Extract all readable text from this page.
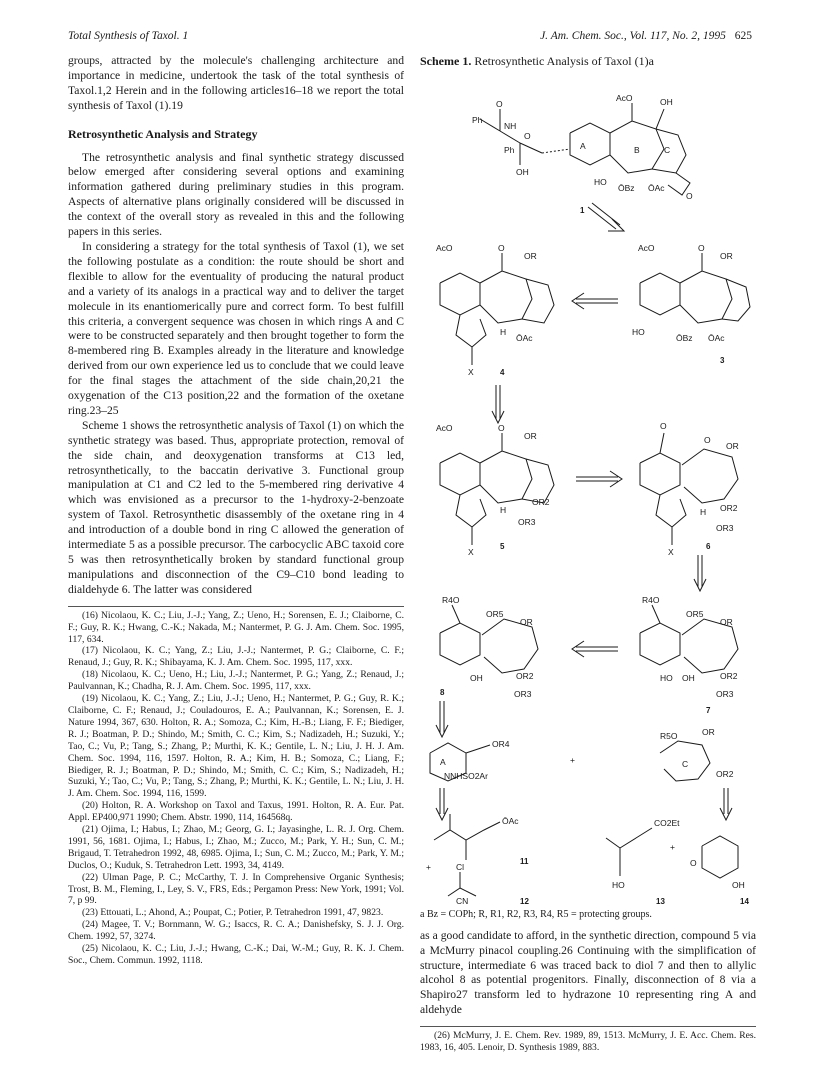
Total Synthesis of Taxol. 1	J. Am. Chem. Soc., Vol. 117, No. 2, 1995 625

groups, attracted by the molecule's challenging architecture and importance in medicine, undertook the task of the total synthesis of Taxol.1,2 Herein and in the following articles16–18 we report the total synthesis of Taxol (1).19

Retrosynthetic Analysis and Strategy

The retrosynthetic analysis and final synthetic strategy discussed below emerged after considering several options and examining information gathered during preliminary studies in this program. Aspects of alternative plans originally considered will be discussed in the context of the overall story as revealed in this and the following papers in this series.

In considering a strategy for the total synthesis of Taxol (1), we set the following postulate as a condition: the route should be short and flexible to allow for the eventuality of producing the natural product and a variety of its analogs in a practical way and to deliver the target molecule in its enantiomerically pure and correct form. To best fulfill this criteria, a convergent sequence was chosen in which rings A and C were to be constructed separately and then brought together to form the 8-membered ring B. Examples already in the literature and knowledge derived from our own experience led us to conclude that we could leave for the final stages the attachment of the side chain,20,21 the oxygenation of the C13 position,22 and the formation of the oxetane ring.23–25

Scheme 1 shows the retrosynthetic analysis of Taxol (1) on which the synthetic strategy was based. Thus, appropriate protection, removal of the side chain, and deoxygenation transforms at C13 led, retrosynthetically, to the baccatin derivative 3. Functional group manipulation at C1 and C2 led to the 5-membered ring derivative 4 which was envisioned as a precursor to the 1-hydroxy-2-benzoate system of Taxol. Retrosynthetic disassembly of the oxetane ring in 4 and introduction of a double bond in ring C allowed the generation of intermediate 5 as a possible precursor. The carbocyclic ABC taxoid core 5 was then retrosynthetically broken by standard functional group manipulations and disconnection of the C9–C10 bond leading to dialdehyde 6. The latter was considered

(16) Nicolaou, K. C.; Liu, J.-J.; Yang, Z.; Ueno, H.; Sorensen, E. J.; Claiborne, C. F.; Guy, R. K.; Hwang, C.-K.; Nakada, M.; Nantermet, P. G. J. Am. Chem. Soc. 1995, 117, 634.

(17) Nicolaou, K. C.; Yang, Z.; Liu, J.-J.; Nantermet, P. G.; Claiborne, C. F.; Renaud, J.; Guy, R. K.; Shibayama, K. J. Am. Chem. Soc. 1995, 117, xxx.

(18) Nicolaou, K. C.; Ueno, H.; Liu, J.-J.; Nantermet, P. G.; Yang, Z.; Renaud, J.; Paulvannan, K.; Chadha, R. J. Am. Chem. Soc. 1995, 117, xxx.

(19) Nicolaou, K. C.; Yang, Z.; Liu, J.-J.; Ueno, H.; Nantermet, P. G.; Guy, R. K.; Claiborne, C. F.; Renaud, J.; Couladouros, E. A.; Paulvannan, K.; Sorensen, E. J. Nature 1994, 367, 630. Holton, R. A.; Somoza, C.; Kim, H.-B.; Liang, F. F.; Biediger, R. J.; Boatman, P. D.; Shindo, M.; Smith, C. C.; Kim, S.; Nadizadeh, H.; Suzuki, Y.; Tao, C.; Vu, P.; Tang, S.; Zhang, P.; Murthi, K. K.; Gentile, L. N.; Liu, J. H. J. Am. Chem. Soc. 1994, 116, 1597. Holton, R. A.; Kim, H. B.; Somoza, C.; Liang, F.; Biediger, R. J.; Boatman, P. D.; Shindo, M.; Smith, C. C.; Kim, S.; Nadizadeh, H.; Suzuki, Y.; Tao, C.; Vu, P.; Tang, S.; Zhang, P.; Murthi, K. K.; Gentile, L. N.; Liu, J. H. J. Am. Chem. Soc. 1994, 116, 1599.

(20) Holton, R. A. Workshop on Taxol and Taxus, 1991. Holton, R. A. Eur. Pat. Appl. EP400,971 1990; Chem. Abstr. 1990, 114, 164568q.

(21) Ojima, I.; Habus, I.; Zhao, M.; Georg, G. I.; Jayasinghe, L. R. J. Org. Chem. 1991, 56, 1681. Ojima, I.; Habus, I.; Zhao, M.; Zucco, M.; Park, Y. H.; Sun, C. M.; Brigaud, T. Tetrahedron 1992, 48, 6985. Ojima, I.; Sun, C. M.; Zucco, M.; Park, Y. M.; Duclos, O.; Kuduk, S. Tetrahedron Lett. 1993, 34, 4149.

(22) Ulman Page, P. C.; McCarthy, T. J. In Comprehensive Organic Synthesis; Trost, B. M., Fleming, I., Ley, S. V., FRS, Eds.; Pergamon Press: New York, 1991; Vol. 7, p 99.

(23) Ettouati, L.; Ahond, A.; Poupat, C.; Potier, P. Tetrahedron 1991, 47, 9823.

(24) Magee, T. V.; Bornmann, W. G.; Isaccs, R. C. A.; Danishefsky, S. J. J. Org. Chem. 1992, 57, 3274.

(25) Nicolaou, K. C.; Liu, J.-J.; Hwang, C.-K.; Dai, W.-M.; Guy, R. K. J. Chem. Soc., Chem. Commun. 1992, 1118.

Scheme 1. Retrosynthetic Analysis of Taxol (1)a

Ph
NH
O
O
Ph
OH
A	B	C
AcO	OH
HO
ŌBz ŌAc
O
1
AcO	O
OR
H
ŌAc
X	4
AcO	O
OR
HO
ŌBz ŌAc
3
AcO	O
OR
H
OR2
OR3
X
5
O
O
OR
H OR2
OR3
X
6
R4O
OR5
OR
HO OH	OR2
OR3
7
R4O
OR5
OR
OH	OR2
OR3
8
OR4
A
NNHSO2Ar
+
R5O	OR
C
OR2
ŌAc
11
+	Cl
CN	12
CO2Et
+
HO
O
OH
13	14

a Bz = COPh; R, R1, R2, R3, R4, R5 = protecting groups.

as a good candidate to afford, in the synthetic direction, compound 5 via a McMurry pinacol coupling.26 Continuing with the simplification of structure, intermediate 6 was traced back to diol 7 and then to allylic alcohol 8 as potential progenitors. Finally, disconnection of 8 via a Shapiro27 transform led to hydrazone 10 representing ring A and aldehyde

(26) McMurry, J. E. Chem. Rev. 1989, 89, 1513. McMurry, J. E. Acc. Chem. Res. 1983, 16, 405. Lenoir, D. Synthesis 1989, 883.
